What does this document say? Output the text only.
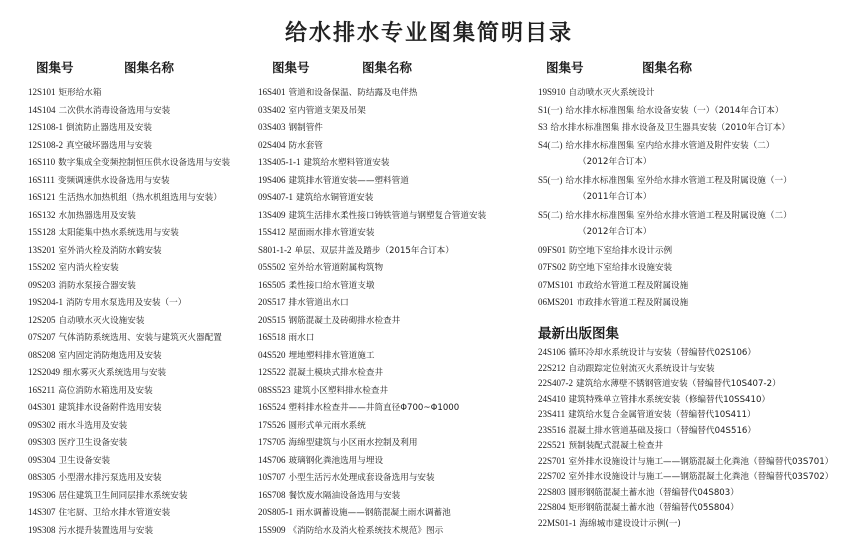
给水排水专业图集简明目录
图集号	图集名称
12S101 矩形给水箱
14S104 二次供水消毒设备选用与安装
12S108-1 倒流防止器选用及安装
12S108-2 真空破坏器选用与安装
16S110 数字集成全变频控制恒压供水设备选用与安装
16S111 变频调速供水设备选用与安装
16S121 生活热水加热机组（热水机组选用与安装）
16S132 水加热器选用及安装
15S128 太阳能集中热水系统选用与安装
13S201 室外消火栓及消防水鹤安装
15S202 室内消火栓安装
09S203 消防水泵接合器安装
19S204-1 消防专用水泵选用及安装（一）
12S205 自动喷水灭火设施安装
07S207 气体消防系统选用、安装与建筑灭火器配置
08S208 室内固定消防炮选用及安装
12S2049 细水雾灭火系统选用与安装
16S211 高位消防水箱选用及安装
04S301 建筑排水设备附件选用安装
09S302 雨水斗选用及安装
09S303 医疗卫生设备安装
09S304 卫生设备安装
08S305 小型潜水排污泵选用及安装
19S306 居住建筑卫生间同层排水系统安装
14S307 住宅厨、卫给水排水管道安装
19S308 污水提升装置选用与安装
图集号	图集名称
16S401 管道和设备保温、防结露及电伴热
03S402 室内管道支架及吊架
03S403 钢制管件
02S404 防水套管
13S405-1-1 建筑给水塑料管道安装
19S406 建筑排水管道安装——塑料管道
09S407-1 建筑给水铜管道安装
13S409 建筑生活排水柔性接口铸铁管道与钢塑复合管道安装
15S412 屋面雨水排水管道安装
S801-1-2 单层、双层井盖及踏步（2015年合订本）
05S502 室外给水管道附属构筑物
16S505 柔性接口给水管道支墩
20S517 排水管道出水口
20S515 钢筋混凝土及砖砌排水检查井
16S518 雨水口
04S520 埋地塑料排水管道施工
12S522 混凝土模块式排水检查井
08SS523 建筑小区塑料排水检查井
16S524 塑料排水检查井——井筒直径Φ700~Φ1000
17S526 圆形式单元雨水系统
17S705 海绵型建筑与小区雨水控制及利用
14S706 玻璃钢化粪池选用与埋设
10S707 小型生活污水处理成套设备选用与安装
16S708 餐饮废水隔油设备选用与安装
20S805-1 雨水调蓄设施——钢筋混凝土雨水调蓄池
15S909 《消防给水及消火栓系统技术规范》图示
图集号	图集名称
19S910 自动喷水灭火系统设计
S1(一) 给水排水标准图集 给水设备安装（一）（2014年合订本）
S3 给水排水标准图集 排水设备及卫生器具安装（2010年合订本）
S4(二) 给水排水标准图集 室内给水排水管道及附件安装（二）
（2012年合订本）
S5(一) 给水排水标准图集 室外给水排水管道工程及附属设施（一）
（2011年合订本）
S5(二) 给水排水标准图集 室外给水排水管道工程及附属设施（二）
（2012年合订本）
09FS01 防空地下室给排水设计示例
07FS02 防空地下室给排水设施安装
07MS101 市政给水管道工程及附属设施
06MS201 市政排水管道工程及附属设施
最新出版图集
24S106 循环冷却水系统设计与安装（替编替代02S106）
22S212 自动跟踪定位射流灭火系统设计与安装
22S407-2 建筑给水薄壁不锈钢管道安装（替编替代10S407-2）
24S410 建筑特殊单立管排水系统安装（修编替代10SS410）
23S411 建筑给水复合金属管道安装（替编替代10S411）
23S516 混凝土排水管道基础及接口（替编替代04S516）
22S521 预制装配式混凝土检查井
22S701 室外排水设施设计与施工——钢筋混凝土化粪池（替编替代03S701）
22S702 室外排水设施设计与施工——钢筋混凝土化粪池（替编替代03S702）
22S803 圆形钢筋混凝土蓄水池（替编替代04S803）
22S804 矩形钢筋混凝土蓄水池（替编替代05S804）
22MS01-1 海绵城市建设设计示例(一)
